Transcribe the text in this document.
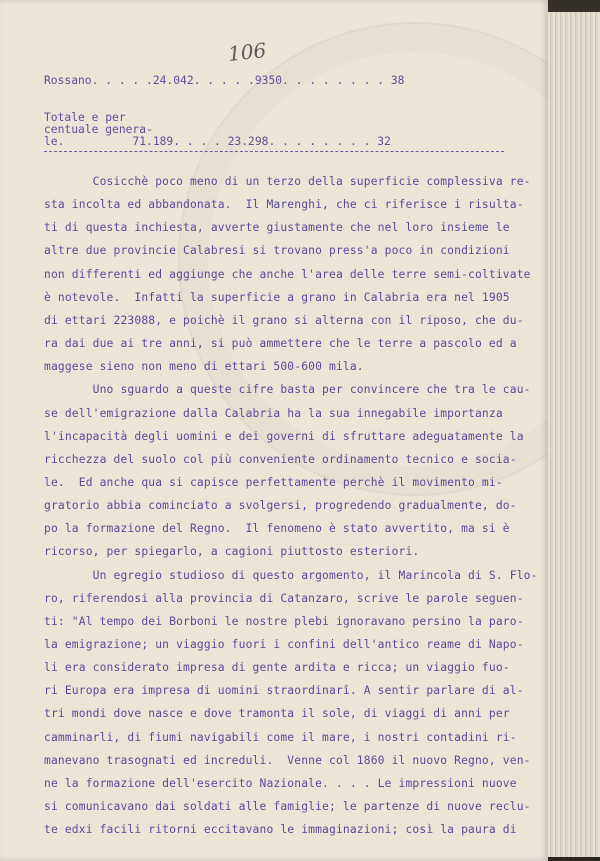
106

Rossano. . . . .24.042. . . . .9350. . . . . . . . 38

Totale e per

centuale genera-

le.          71.189. . . . 23.298. . . . . . . . 32

Cosicchè poco meno di un terzo della superficie complessiva re-

sta incolta ed abbandonata.  Il Marenghi, che ci riferisce i risulta-

ti di questa inchiesta, avverte giustamente che nel loro insieme le

altre due provincie Calabresi si trovano press'a poco in condizioni

non differenti ed aggiunge che anche l'area delle terre semi-coltivate

è notevole.  Infatti la superficie a grano in Calabria era nel 1905

di ettari 223088, e poichè il grano si alterna con il riposo, che du-

ra dai due ai tre anni, si può ammettere che le terre a pascolo ed a

maggese sieno non meno di ettari 500-600 mila.

Uno sguardo a queste cifre basta per convincere che tra le cau-

se dell'emigrazione dalla Calabria ha la sua innegabile importanza

l'incapacità degli uomini e dei governi di sfruttare adeguatamente la

ricchezza del suolo col più conveniente ordinamento tecnico e socia-

le.  Ed anche qua si capisce perfettamente perchè il movimento mi-

gratorio abbia cominciato a svolgersi, progredendo gradualmente, do-

po la formazione del Regno.  Il fenomeno è stato avvertito, ma si è

ricorso, per spiegarlo, a cagioni piuttosto esteriori.

Un egregio studioso di questo argomento, il Marincola di S. Flo-

ro, riferendosi alla provincia di Catanzaro, scrive le parole seguen-

ti: "Al tempo dei Borboni le nostre plebi ignoravano persino la paro-

la emigrazione; un viaggio fuori i confini dell'antico reame di Napo-

li era considerato impresa di gente ardita e ricca; un viaggio fuo-

ri Europa era impresa di uomini straordinarî. A sentir parlare di al-

tri mondi dove nasce e dove tramonta il sole, di viaggi di anni per

camminarli, di fiumi navigabili come il mare, i nostri contadini ri-

manevano trasognati ed increduli.  Venne col 1860 il nuovo Regno, ven-

ne la formazione dell'esercito Nazionale. . . . Le impressioni nuove

si comunicavano dai soldati alle famiglie; le partenze di nuove reclu-

te edxi facili ritorni eccitavano le immaginazioni; così la paura di
